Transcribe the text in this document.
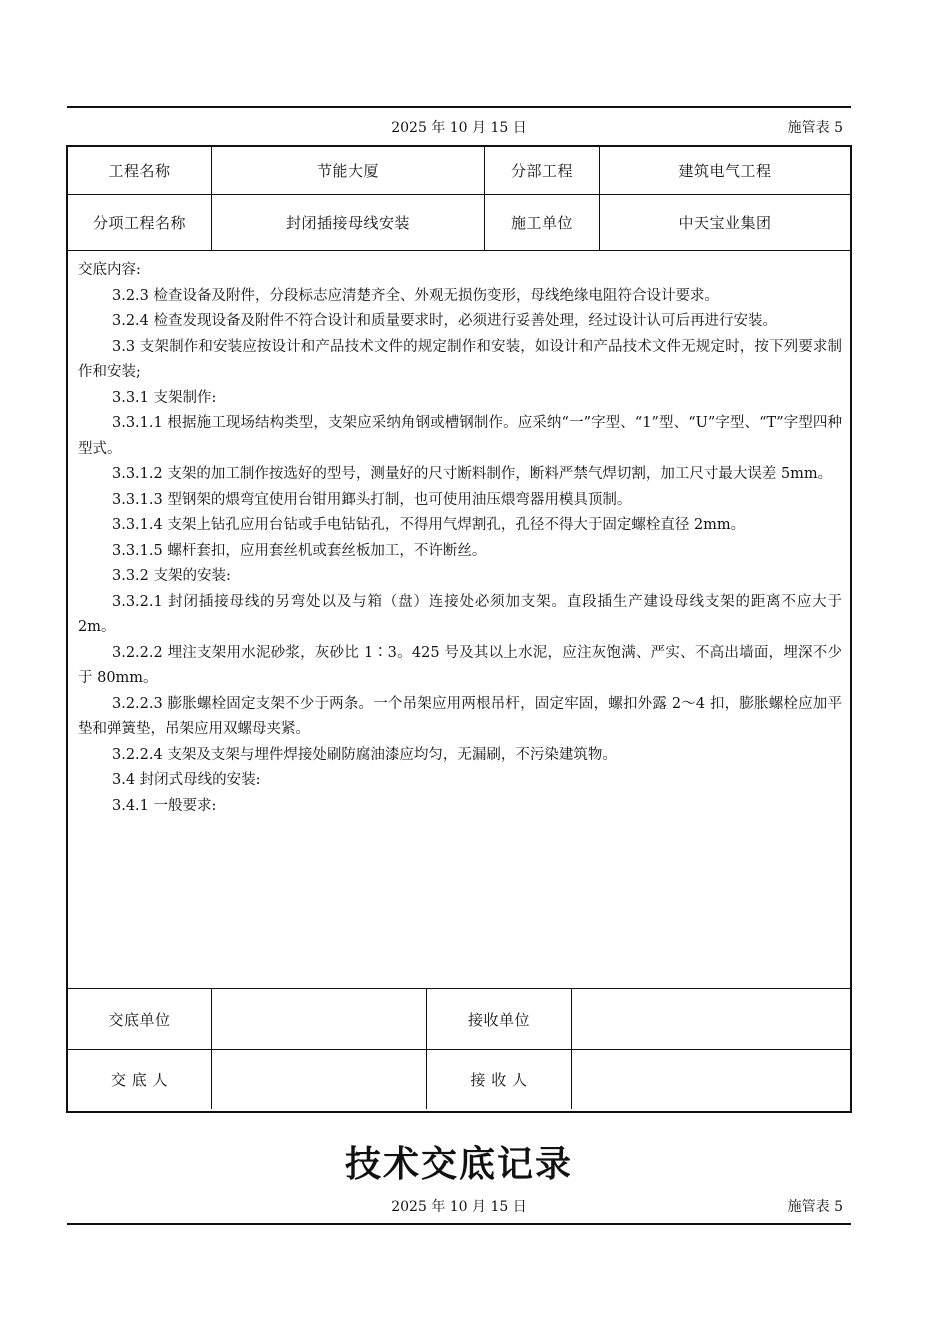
2025 年 10 月 15 日	施管表 5
工程名称	节能大厦	分部工程	建筑电气工程
分项工程名称	封闭插接母线安装	施工单位	中天宝业集团
交底内容:

3.2.3 检查设备及附件，分段标志应清楚齐全、外观无损伤变形，母线绝缘电阻符合设计要求。

3.2.4 检查发现设备及附件不符合设计和质量要求时，必须进行妥善处理，经过设计认可后再进行安装。

3.3 支架制作和安装应按设计和产品技术文件的规定制作和安装，如设计和产品技术文件无规定时，按下列要求制作和安装;

3.3.1 支架制作:

3.3.1.1 根据施工现场结构类型，支架应采纳角钢或槽钢制作。应采纳“一”字型、“1”型、“U”字型、“T”字型四种型式。

3.3.1.2 支架的加工制作按选好的型号，测量好的尺寸断料制作，断料严禁气焊切割，加工尺寸最大误差 5mm。

3.3.1.3 型钢架的煨弯宜使用台钳用鎯头打制，也可使用油压煨弯器用模具顶制。

3.3.1.4 支架上钻孔应用台钻或手电钻钻孔，不得用气焊割孔，孔径不得大于固定螺栓直径 2mm。

3.3.1.5 螺杆套扣，应用套丝机或套丝板加工，不许断丝。

3.3.2 支架的安装:

3.3.2.1 封闭插接母线的另弯处以及与箱（盘）连接处必须加支架。直段插生产建设母线支架的距离不应大于 2m。

3.2.2.2 埋注支架用水泥砂浆，灰砂比 1∶3。425 号及其以上水泥，应注灰饱满、严实、不高出墙面，埋深不少于 80mm。

3.2.2.3 膨胀螺栓固定支架不少于两条。一个吊架应用两根吊杆，固定牢固，螺扣外露 2～4 扣，膨胀螺栓应加平垫和弹簧垫，吊架应用双螺母夹紧。

3.2.2.4 支架及支架与埋件焊接处刷防腐油漆应均匀，无漏刷，不污染建筑物。

3.4 封闭式母线的安装:

3.4.1 一般要求:

交底单位	接收单位
交 底 人	接 收 人
技术交底记录
2025 年 10 月 15 日	施管表 5
